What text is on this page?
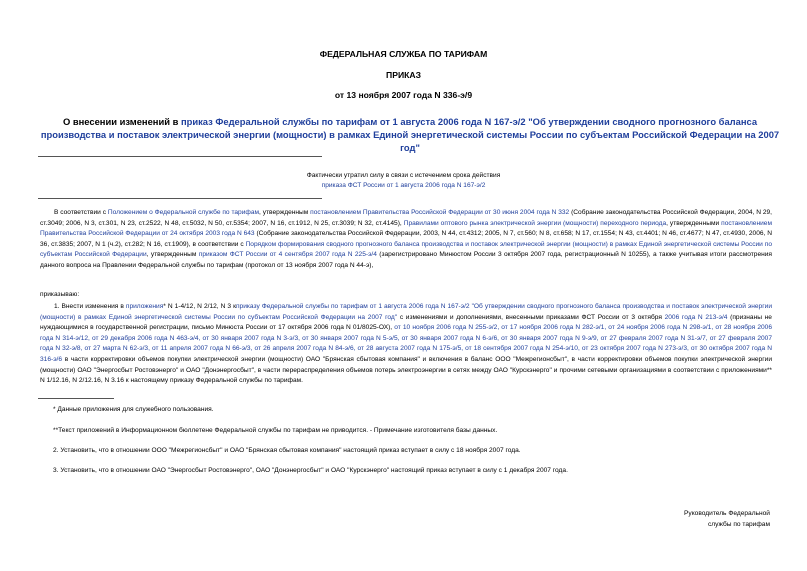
ФЕДЕРАЛЬНАЯ СЛУЖБА ПО ТАРИФАМ
ПРИКАЗ
от 13 ноября 2007 года N 336-э/9
О внесении изменений в приказ Федеральной службы по тарифам от 1 августа 2006 года N 167-э/2 "Об утверждении сводного прогнозного баланса производства и поставок электрической энергии (мощности) в рамках Единой энергетической системы России по субъектам Российской Федерации на 2007 год"
Фактически утратил силу в связи с истечением срока действия
приказа ФСТ России от 1 августа 2006 года N 167-э/2
В соответствии с Положением о Федеральной службе по тарифам, утвержденным постановлением Правительства Российской Федерации от 30 июня 2004 года N 332 (Собрание законодательства Российской Федерации, 2004, N 29, ст.3049; 2006, N 3, ст.301, N 23, ст.2522, N 48, ст.5032, N 50, ст.5354; 2007, N 16, ст.1912, N 25, ст.3039; N 32, ст.4145), Правилами оптового рынка электрической энергии (мощности) переходного периода, утвержденными постановлением Правительства Российской Федерации от 24 октября 2003 года N 643 (Собрание законодательства Российской Федерации, 2003, N 44, ст.4312; 2005, N 7, ст.560; N 8, ст.658; N 17, ст.1554; N 43, ст.4401; N 46, ст.4677; N 47, ст.4930, 2006, N 36, ст.3835; 2007, N 1 (ч.2), ст.282; N 16, ст.1909), в соответствии с Порядком формирования сводного прогнозного баланса производства и поставок электрической энергии (мощности) в рамках Единой энергетической системы России по субъектам Российской Федерации, утвержденным приказом ФСТ России от 4 сентября 2007 года N 225-э/4 (зарегистрировано Минюстом России 3 октября 2007 года, регистрационный N 10255), а также учитывая итоги рассмотрения данного вопроса на Правлении Федеральной службы по тарифам (протокол от 13 ноября 2007 года N 44-э),
приказываю:
1. Внести изменения в приложения* N 1-4/12, N 2/12, N 3 кприказу Федеральной службы по тарифам от 1 августа 2006 года N 167-э/2 "Об утверждении сводного прогнозного баланса производства и поставок электрической энергии (мощности) в рамках Единой энергетической системы России по субъектам Российской Федерации на 2007 год" с изменениями и дополнениями, внесенными приказами ФСТ России от 3 октября 2006 года N 213-э/4 (признаны не нуждающимися в государственной регистрации, письмо Минюста России от 17 октября 2006 года N 01/8025-ОХ), от 10 ноября 2006 года N 255-э/2, от 17 ноября 2006 года N 282-э/1, от 24 ноября 2006 года N 298-э/1, от 28 ноября 2006 года N 314-э/12, от 29 декабря 2006 года N 463-э/4, от 30 января 2007 года N 3-э/3, от 30 января 2007 года N 5-э/5, от 30 января 2007 года N 6-э/6, от 30 января 2007 года N 9-э/9, от 27 февраля 2007 года N 31-э/7, от 27 февраля 2007 года N 32-э/8, от 27 марта N 62-э/3, от 11 апреля 2007 года N 66-э/3, от 26 апреля 2007 года N 84-э/6, от 28 августа 2007 года N 175-э/5, от 18 сентября 2007 года N 254-э/10, от 23 октября 2007 года N 273-э/3, от 30 октября 2007 года N 316-э/6 в части корректировки объемов покупки электрической энергии (мощности) ОАО "Брянская сбытовая компания" и включения в баланс ООО "Межрегионсбыт", в части корректировки объемов покупки электрической энергии (мощности) ОАО "Энергосбыт Ростовэнерго" и ОАО "Донэнергосбыт", в части перераспределения объемов потерь электроэнергии в сетях между ОАО "Курскэнерго" и прочими сетевыми организациями в соответствии с приложениями** N 1/12.16, N 2/12.16, N 3.16 к настоящему приказу Федеральной службы по тарифам.
* Данные приложения для служебного пользования.
**Текст приложений в Информационном бюллетене Федеральной службы по тарифам не приводится. - Примечание изготовителя базы данных.
2. Установить, что в отношении ООО "Межрегионсбыт" и ОАО "Брянская сбытовая компания" настоящий приказ вступает в силу с 18 ноября 2007 года.
3. Установить, что в отношении ОАО "Энергосбыт Ростовэнерго", ОАО "Донэнергосбыт" и ОАО "Курскэнерго" настоящий приказ вступает в силу с 1 декабря 2007 года.
Руководитель Федеральной
службы по тарифам
